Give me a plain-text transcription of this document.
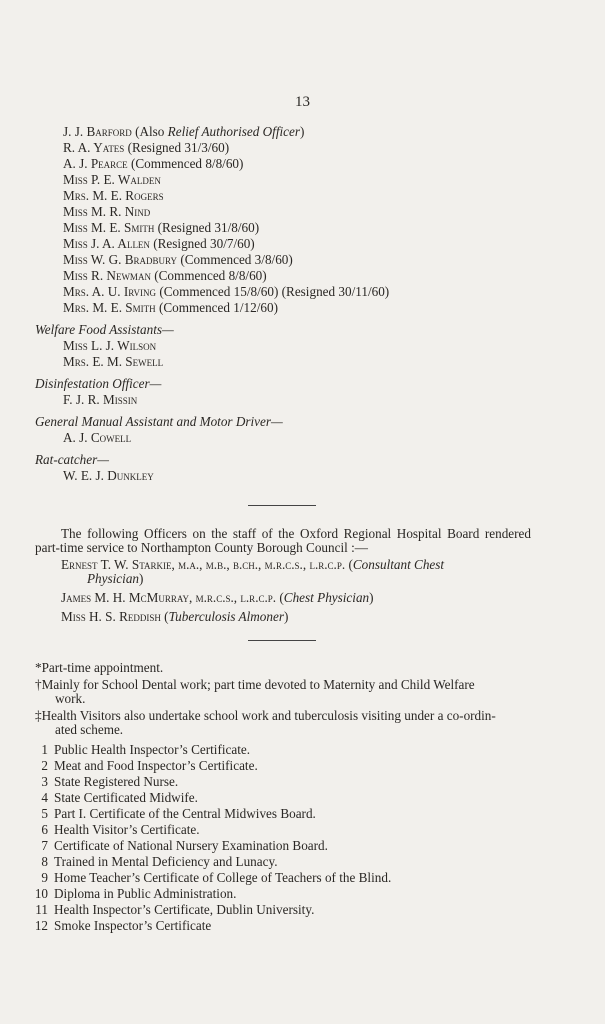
13
J. J. Barford (Also Relief Authorised Officer)
R. A. Yates (Resigned 31/3/60)
A. J. Pearce (Commenced 8/8/60)
Miss P. E. Walden
Mrs. M. E. Rogers
Miss M. R. Nind
Miss M. E. Smith (Resigned 31/8/60)
Miss J. A. Allen (Resigned 30/7/60)
Miss W. G. Bradbury (Commenced 3/8/60)
Miss R. Newman (Commenced 8/8/60)
Mrs. A. U. Irving (Commenced 15/8/60) (Resigned 30/11/60)
Mrs. M. E. Smith (Commenced 1/12/60)
Welfare Food Assistants—
Miss L. J. Wilson
Mrs. E. M. Sewell
Disinfestation Officer—
F. J. R. Missin
General Manual Assistant and Motor Driver—
A. J. Cowell
Rat-catcher—
W. E. J. Dunkley
The following Officers on the staff of the Oxford Regional Hospital Board rendered part-time service to Northampton County Borough Council :—
Ernest T. W. Starkie, m.a., m.b., b.ch., m.r.c.s., l.r.c.p. (Consultant Chest
Physician)
James M. H. McMurray, m.r.c.s., l.r.c.p. (Chest Physician)
Miss H. S. Reddish (Tuberculosis Almoner)
*Part-time appointment.
†Mainly for School Dental work; part time devoted to Maternity and Child Welfare
work.
‡Health Visitors also undertake school work and tuberculosis visiting under a co-ordin-
ated scheme.
1 Public Health Inspector’s Certificate.
2 Meat and Food Inspector’s Certificate.
3 State Registered Nurse.
4 State Certificated Midwife.
5 Part I. Certificate of the Central Midwives Board.
6 Health Visitor’s Certificate.
7 Certificate of National Nursery Examination Board.
8 Trained in Mental Deficiency and Lunacy.
9 Home Teacher’s Certificate of College of Teachers of the Blind.
10 Diploma in Public Administration.
11 Health Inspector’s Certificate, Dublin University.
12 Smoke Inspector’s Certificate
